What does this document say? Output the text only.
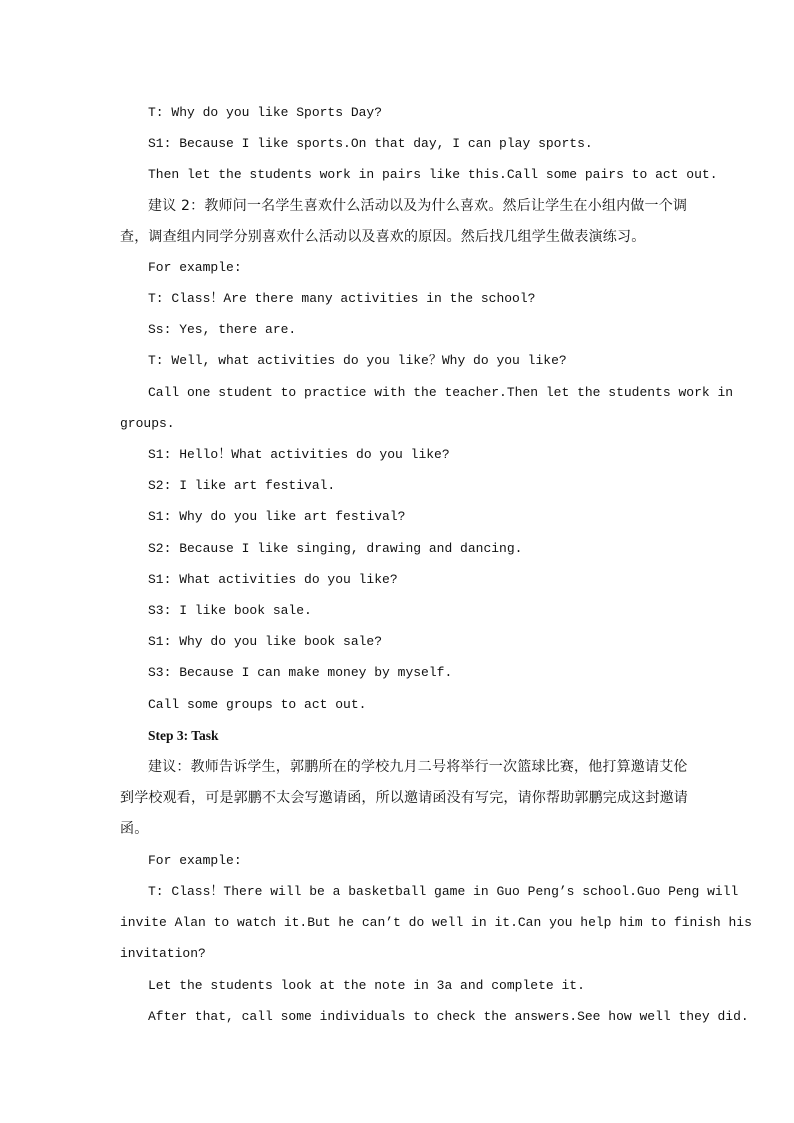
T: Why do you like Sports Day?
S1: Because I like sports.On that day, I can play sports.
Then let the students work in pairs like this.Call some pairs to act out.
建议 2：教师问一名学生喜欢什么活动以及为什么喜欢。然后让学生在小组内做一个调
查，调查组内同学分别喜欢什么活动以及喜欢的原因。然后找几组学生做表演练习。
For example:
T: Class！Are there many activities in the school?
Ss: Yes, there are.
T: Well, what activities do you like？Why do you like?
Call one student to practice with the teacher.Then let the students work in
groups.
S1: Hello！What activities do you like?
S2: I like art festival.
S1: Why do you like art festival?
S2: Because I like singing, drawing and dancing.
S1: What activities do you like?
S3: I like book sale.
S1: Why do you like book sale?
S3: Because I can make money by myself.
Call some groups to act out.
Step 3: Task
建议：教师告诉学生，郭鹏所在的学校九月二号将举行一次篮球比赛，他打算邀请艾伦
到学校观看，可是郭鹏不太会写邀请函，所以邀请函没有写完，请你帮助郭鹏完成这封邀请
函。
For example:
T: Class！There will be a basketball game in Guo Peng’s school.Guo Peng will
invite Alan to watch it.But he can’t do well in it.Can you help him to finish his
invitation?
Let the students look at the note in 3a and complete it.
After that, call some individuals to check the answers.See how well they did.
